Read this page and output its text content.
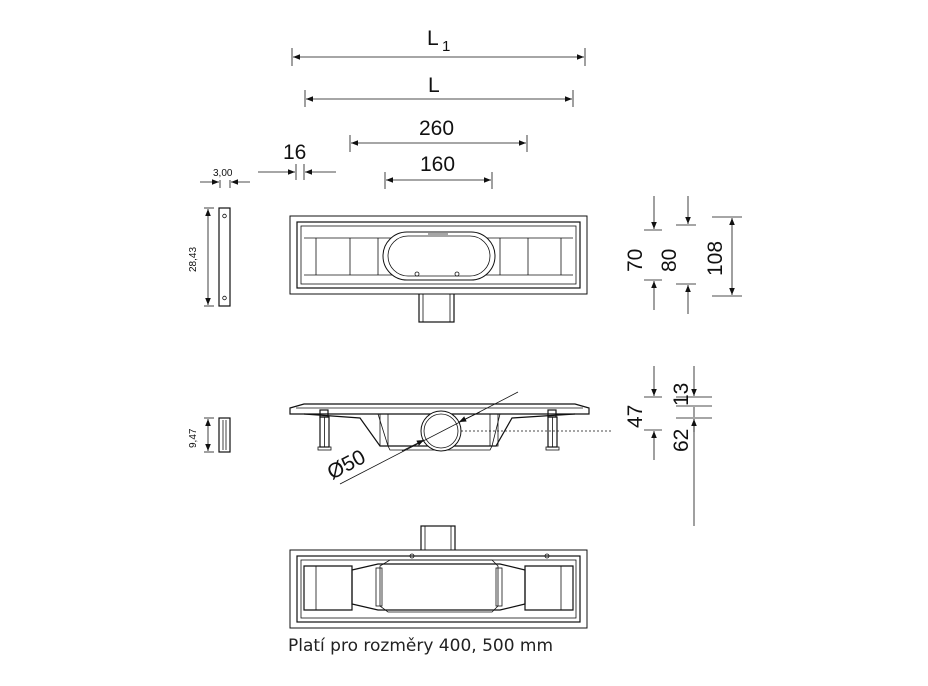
L 1
L
260
160
16
3,00
28,43
9,47
70 80 108
Ø50
47
13
62
Platí pro rozměry 400, 500 mm
